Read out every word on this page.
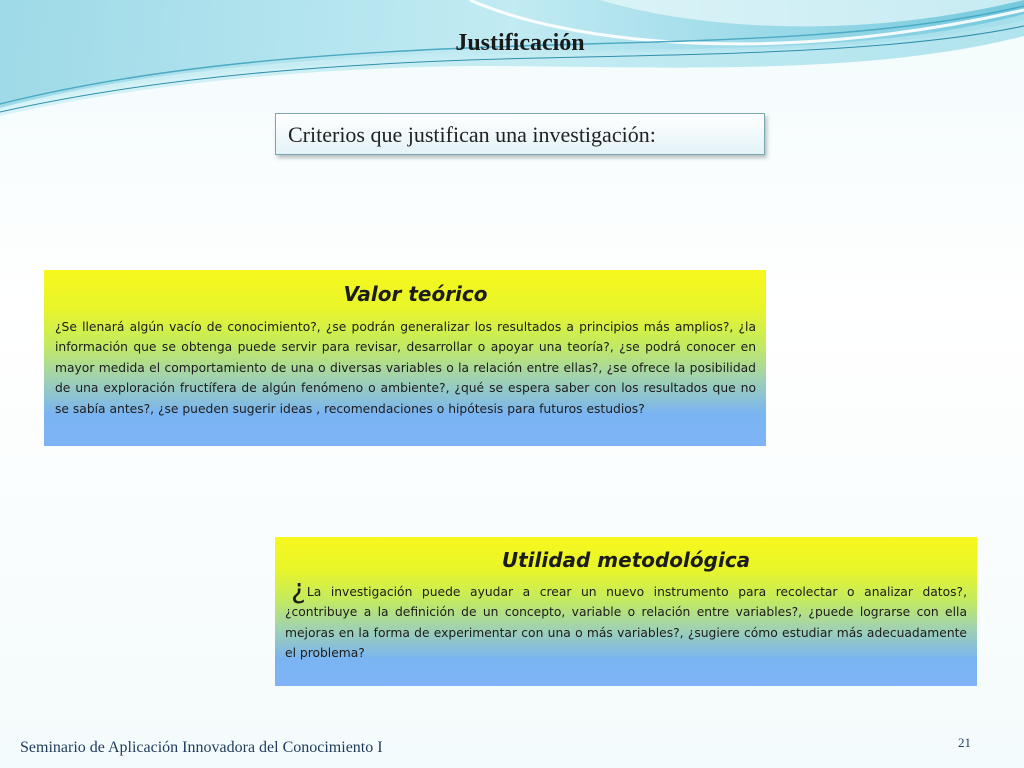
Justificación
Criterios que justifican una investigación:
Valor teórico

¿Se llenará algún vacío de conocimiento?, ¿se podrán generalizar los resultados a principios más amplios?, ¿la información que se obtenga puede servir para revisar, desarrollar o apoyar una teoría?, ¿se podrá conocer en mayor medida el comportamiento de una o diversas variables o la relación entre ellas?, ¿se ofrece la posibilidad de una exploración fructífera de algún fenómeno o ambiente?, ¿qué se espera saber con los resultados que no se sabía antes?, ¿se pueden sugerir ideas , recomendaciones o hipótesis para futuros estudios?

Utilidad metodológica

¿La investigación puede ayudar a crear un nuevo instrumento para recolectar o analizar datos?, ¿contribuye a la definición de un concepto, variable o relación entre variables?, ¿puede lograrse con ella mejoras en la forma de experimentar con una o más variables?, ¿sugiere cómo estudiar más adecuadamente el problema?

Seminario de Aplicación Innovadora del Conocimiento I	21
